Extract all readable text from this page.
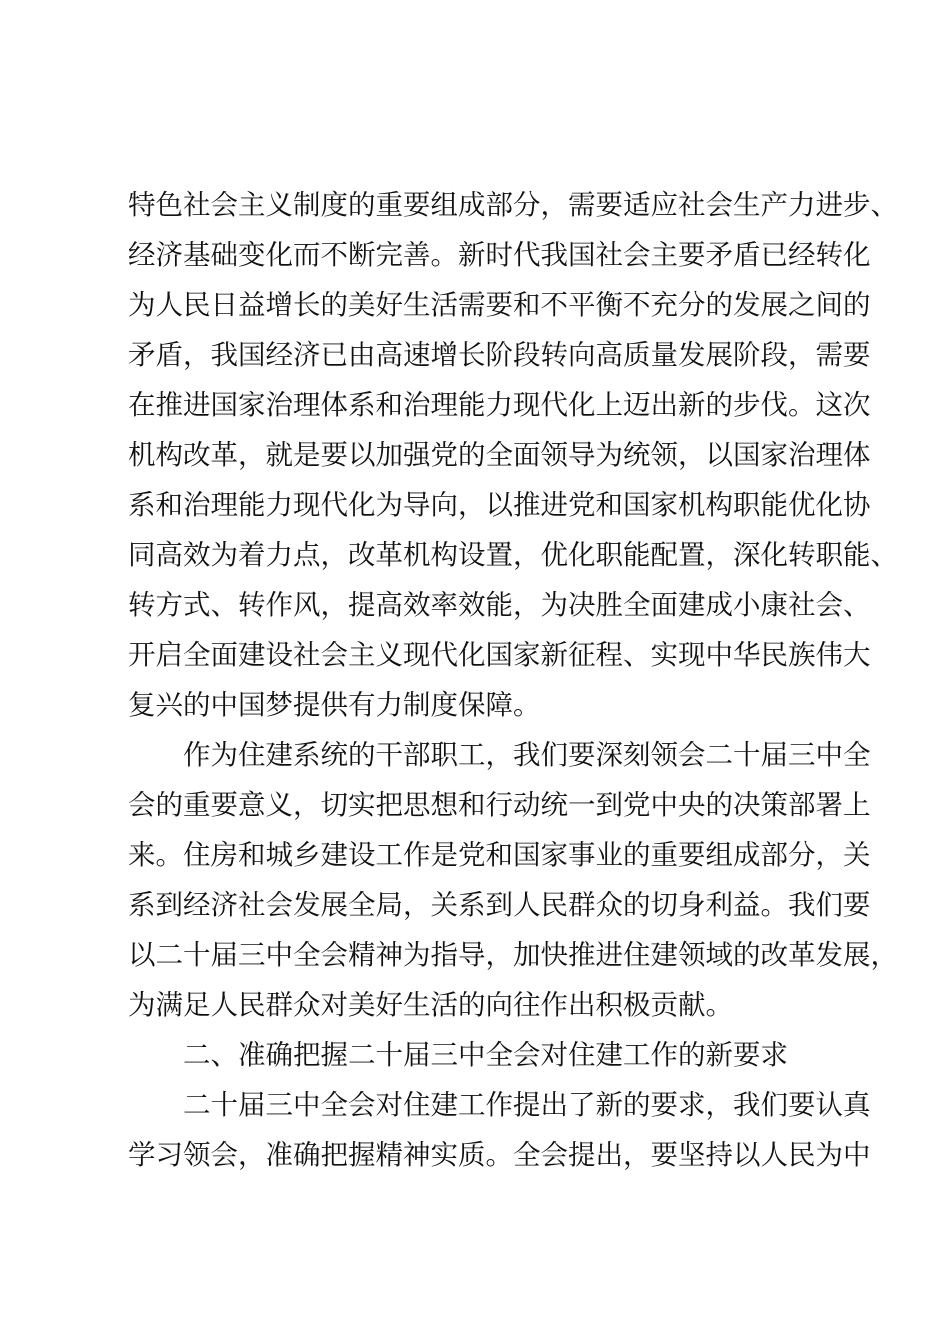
特色社会主义制度的重要组成部分，需要适应社会生产力进步、
经济基础变化而不断完善。新时代我国社会主要矛盾已经转化
为人民日益增长的美好生活需要和不平衡不充分的发展之间的
矛盾，我国经济已由高速增长阶段转向高质量发展阶段，需要
在推进国家治理体系和治理能力现代化上迈出新的步伐。这次
机构改革，就是要以加强党的全面领导为统领，以国家治理体
系和治理能力现代化为导向，以推进党和国家机构职能优化协
同高效为着力点，改革机构设置，优化职能配置，深化转职能、
转方式、转作风，提高效率效能，为决胜全面建成小康社会、
开启全面建设社会主义现代化国家新征程、实现中华民族伟大
复兴的中国梦提供有力制度保障。
作为住建系统的干部职工，我们要深刻领会二十届三中全
会的重要意义，切实把思想和行动统一到党中央的决策部署上
来。住房和城乡建设工作是党和国家事业的重要组成部分，关
系到经济社会发展全局，关系到人民群众的切身利益。我们要
以二十届三中全会精神为指导，加快推进住建领域的改革发展，
为满足人民群众对美好生活的向往作出积极贡献。
二、准确把握二十届三中全会对住建工作的新要求
二十届三中全会对住建工作提出了新的要求，我们要认真
学习领会，准确把握精神实质。全会提出，要坚持以人民为中
